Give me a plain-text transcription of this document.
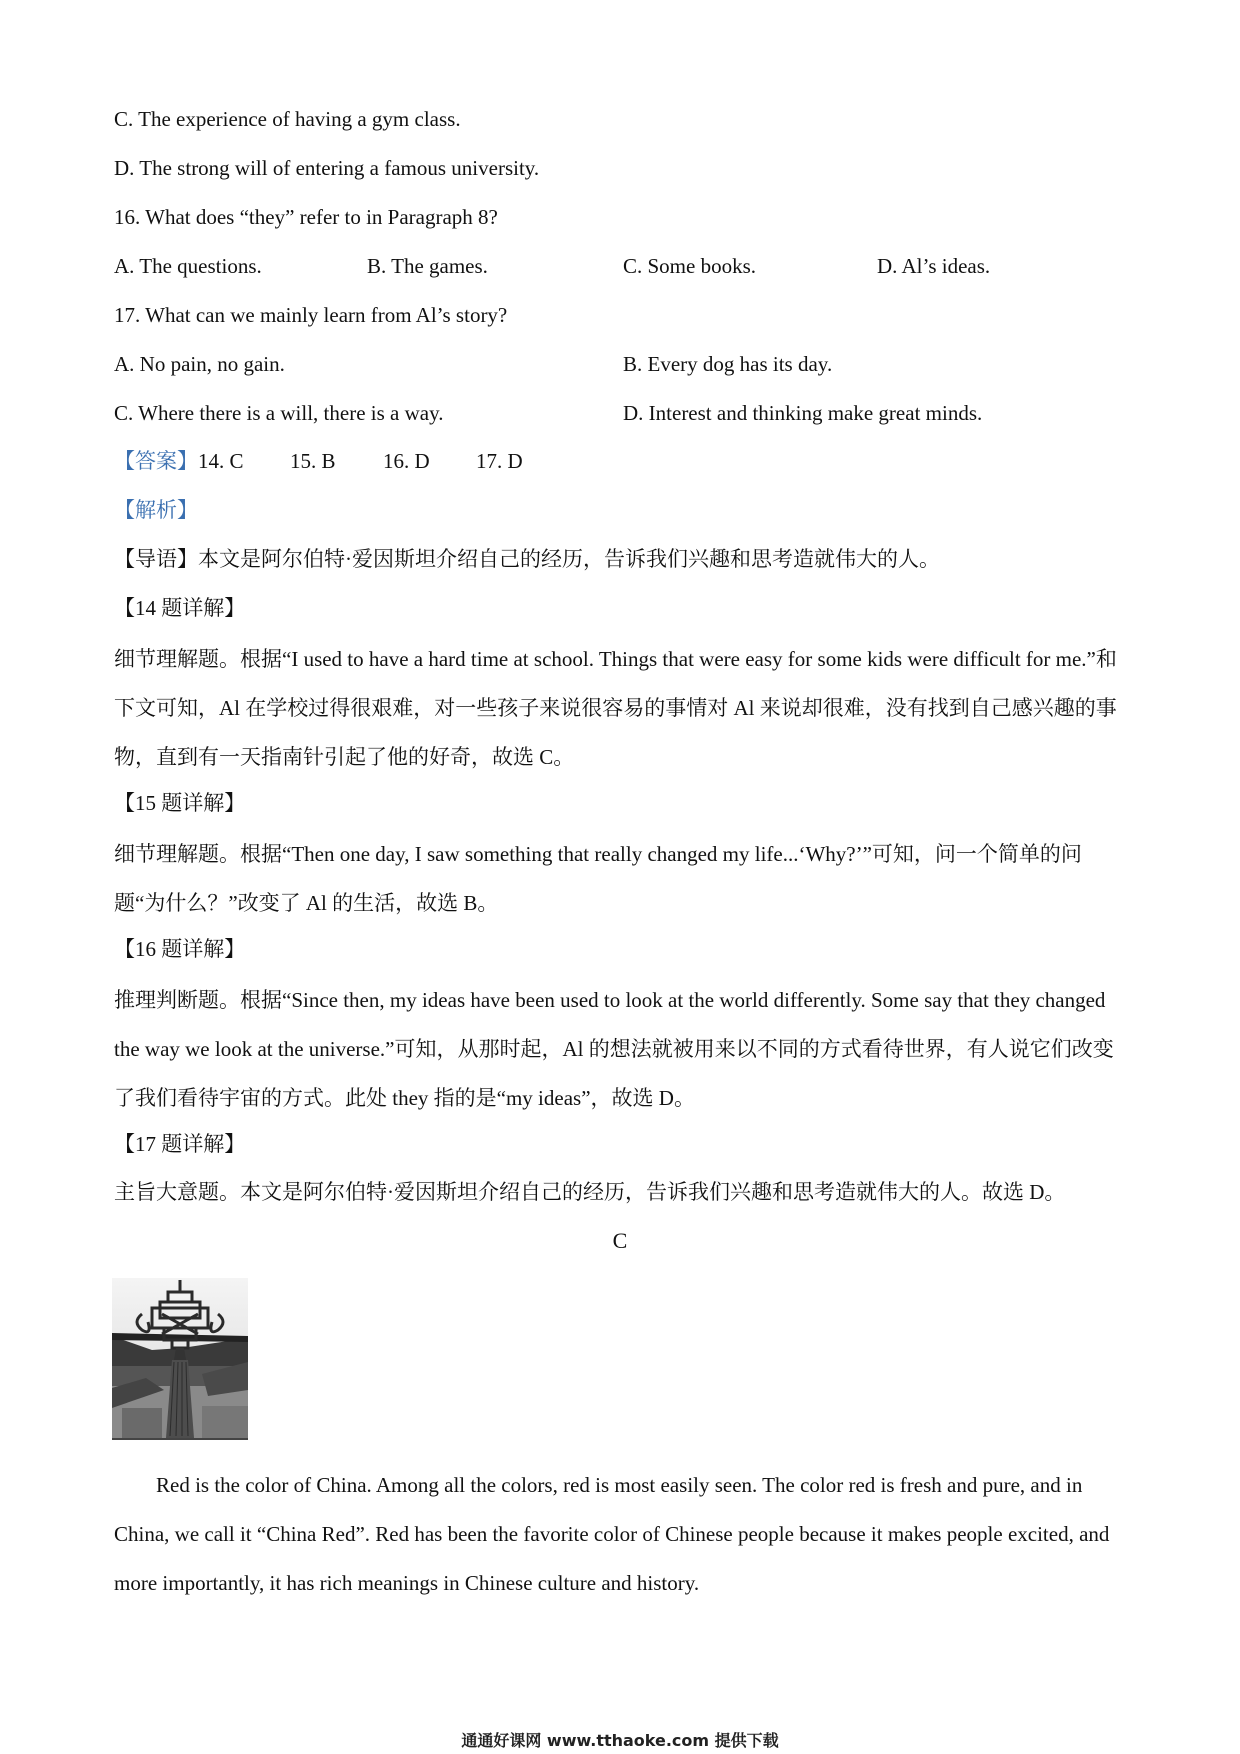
C. The experience of having a gym class.
D. The strong will of entering a famous university.
16. What does “they” refer to in Paragraph 8?
A. The questions.	B. The games.	C. Some books.	D. Al’s ideas.
17. What can we mainly learn from Al’s story?
A. No pain, no gain.	B. Every dog has its day.
C. Where there is a will, there is a way.	D. Interest and thinking make great minds.
【答案】14. C 15. B 16. D 17. D
【解析】
【导语】本文是阿尔伯特·爱因斯坦介绍自己的经历，告诉我们兴趣和思考造就伟大的人。
【14 题详解】
细节理解题。根据“I used to have a hard time at school. Things that were easy for some kids were difficult for me.”和下文可知，Al 在学校过得很艰难，对一些孩子来说很容易的事情对 Al 来说却很难，没有找到自己感兴趣的事物，直到有一天指南针引起了他的好奇，故选 C。
【15 题详解】
细节理解题。根据“Then one day, I saw something that really changed my life...‘Why?’”可知，问一个简单的问题“为什么？”改变了 Al 的生活，故选 B。
【16 题详解】
推理判断题。根据“Since then, my ideas have been used to look at the world differently. Some say that they changed the way we look at the universe.”可知，从那时起，Al 的想法就被用来以不同的方式看待世界，有人说它们改变了我们看待宇宙的方式。此处 they 指的是“my ideas”，故选 D。
【17 题详解】
主旨大意题。本文是阿尔伯特·爱因斯坦介绍自己的经历，告诉我们兴趣和思考造就伟大的人。故选 D。
C
Red is the color of China. Among all the colors, red is most easily seen. The color red is fresh and pure, and in China, we call it “China Red”. Red has been the favorite color of Chinese people because it makes people excited, and more importantly, it has rich meanings in Chinese culture and history.
通通好课网 www.tthaoke.com 提供下载
